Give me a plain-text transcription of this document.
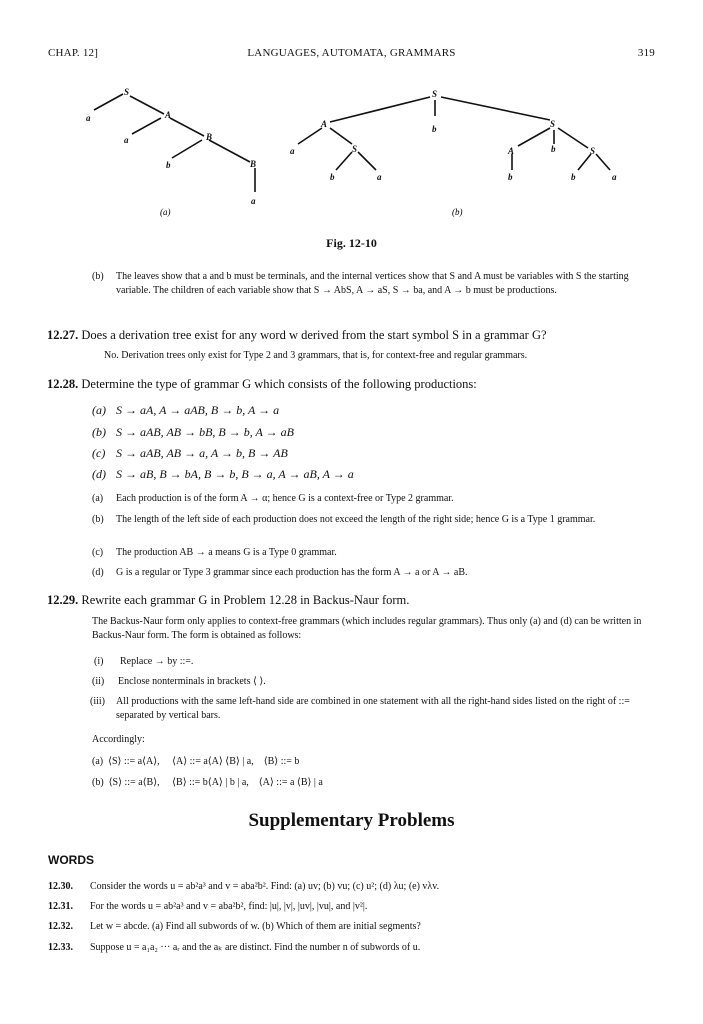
CHAP. 12]	LANGUAGES, AUTOMATA, GRAMMARS	319
S
a	A
a	B
b	B
a
(a)
S
A	b
S
a
S
b	a
A	b	S
b	b	a
(b)
Fig. 12-10
(b)	The leaves show that a and b must be terminals, and the internal vertices show that S and A must be variables with S the starting variable. The children of each variable show that S → AbS, A → aS, S → ba, and A → b must be productions.
12.27. Does a derivation tree exist for any word w derived from the start symbol S in a grammar G?
No. Derivation trees only exist for Type 2 and 3 grammars, that is, for context-free and regular grammars.
12.28. Determine the type of grammar G which consists of the following productions:
(a) S → aA, A → aAB, B → b, A → a
(b) S → aAB, AB → bB, B → b, A → aB
(c) S → aAB, AB → a, A → b, B → AB
(d) S → aB, B → bA, B → b, B → a, A → aB, A → a
(a)	Each production is of the form A → α; hence G is a context-free or Type 2 grammar.
(b)	The length of the left side of each production does not exceed the length of the right side; hence G is a Type 1 grammar.
(c)	The production AB → a means G is a Type 0 grammar.
(d)	G is a regular or Type 3 grammar since each production has the form A → a or A → aB.
12.29. Rewrite each grammar G in Problem 12.28 in Backus-Naur form.
The Backus-Naur form only applies to context-free grammars (which includes regular grammars). Thus only (a) and (d) can be written in Backus-Naur form. The form is obtained as follows:
(i)	Replace → by ::=.
(ii)	Enclose nonterminals in brackets ⟨ ⟩.
(iii)	All productions with the same left-hand side are combined in one statement with all the right-hand sides listed on the right of ::= separated by vertical bars.
Accordingly:
(a)  ⟨S⟩ ::= a⟨A⟩,     ⟨A⟩ ::= a⟨A⟩ ⟨B⟩ | a,    ⟨B⟩ ::= b
(b)  ⟨S⟩ ::= a⟨B⟩,     ⟨B⟩ ::= b⟨A⟩ | b | a,    ⟨A⟩ ::= a ⟨B⟩ | a
Supplementary Problems
WORDS
12.30. Consider the words u = ab²a³ and v = aba²b². Find: (a) uv; (b) vu; (c) u²; (d) λu; (e) vλv.
12.31. For the words u = ab²a³ and v = aba²b², find: |u|, |v|, |uv|, |vu|, and |v²|.
12.32. Let w = abcde. (a) Find all subwords of w. (b) Which of them are initial segments?
12.33. Suppose u = a₁a₂ ··· aᵣ and the aₖ are distinct. Find the number n of subwords of u.
